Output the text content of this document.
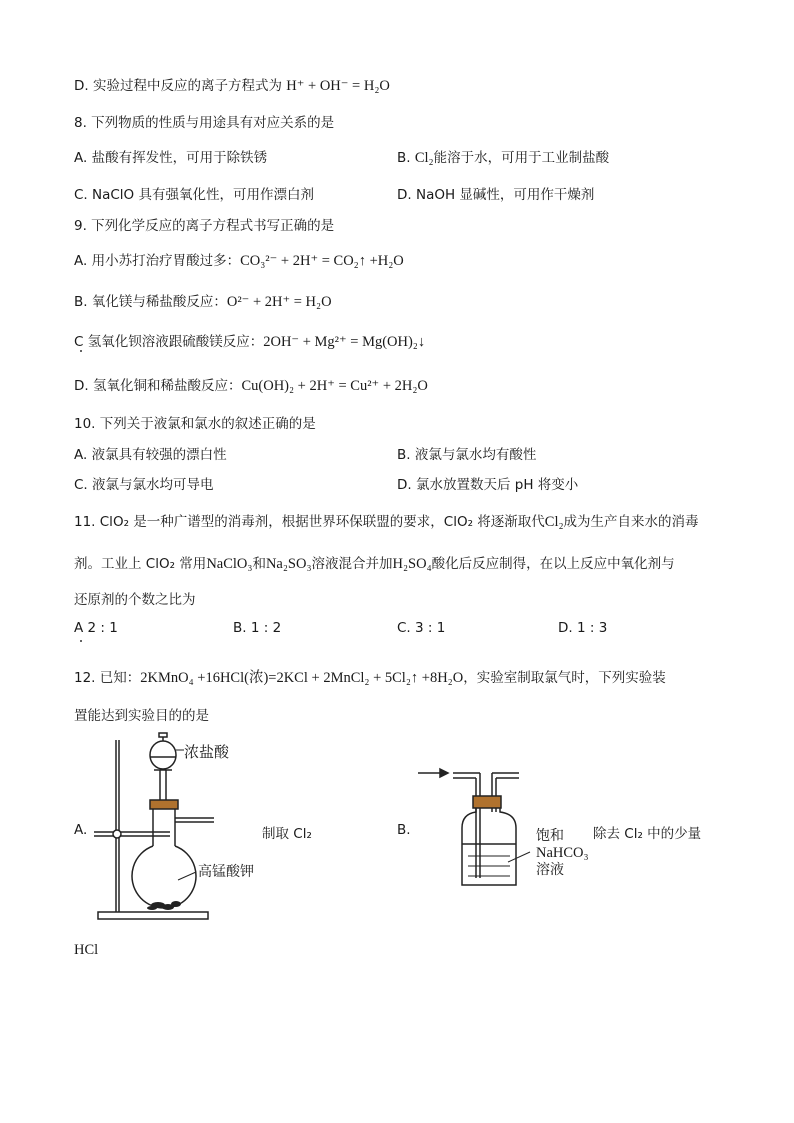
D. 实验过程中反应的离子方程式为 H⁺ + OH⁻ = H₂O
8. 下列物质的性质与用途具有对应关系的是
A. 盐酸有挥发性，可用于除铁锈	B. Cl₂能溶于水，可用于工业制盐酸
C. NaClO 具有强氧化性，可用作漂白剂	D. NaOH 显碱性，可用作干燥剂
9. 下列化学反应的离子方程式书写正确的是
A. 用小苏打治疗胃酸过多：CO₃²⁻ + 2H⁺ = CO₂↑ +H₂O
B. 氧化镁与稀盐酸反应：O²⁻ + 2H⁺ = H₂O
C 氢氧化钡溶液跟硫酸镁反应：2OH⁻ + Mg²⁺ = Mg(OH)₂↓
D. 氢氧化铜和稀盐酸反应：Cu(OH)₂ + 2H⁺ = Cu²⁺ + 2H₂O
10. 下列关于液氯和氯水的叙述正确的是
A. 液氯具有较强的漂白性	B. 液氯与氯水均有酸性
C. 液氯与氯水均可导电	D. 氯水放置数天后 pH 将变小
11. ClO₂ 是一种广谱型的消毒剂，根据世界环保联盟的要求，ClO₂ 将逐渐取代Cl₂成为生产自来水的消毒
剂。工业上 ClO₂ 常用NaClO₃和Na₂SO₃溶液混合并加H₂SO₄酸化后反应制得，在以上反应中氧化剂与
还原剂的个数之比为
A 2 : 1	B. 1 : 2	C. 3 : 1	D. 1 : 3
12. 已知：2KMnO₄ +16HCl(浓)=2KCl + 2MnCl₂ + 5Cl₂↑ +8H₂O，实验室制取氯气时，下列实验装
置能达到实验目的的是
A.	制取 Cl₂	B.	除去 Cl₂ 中的少量
浓盐酸
高锰酸钾
饱和
NaHCO₃
溶液
HCl
